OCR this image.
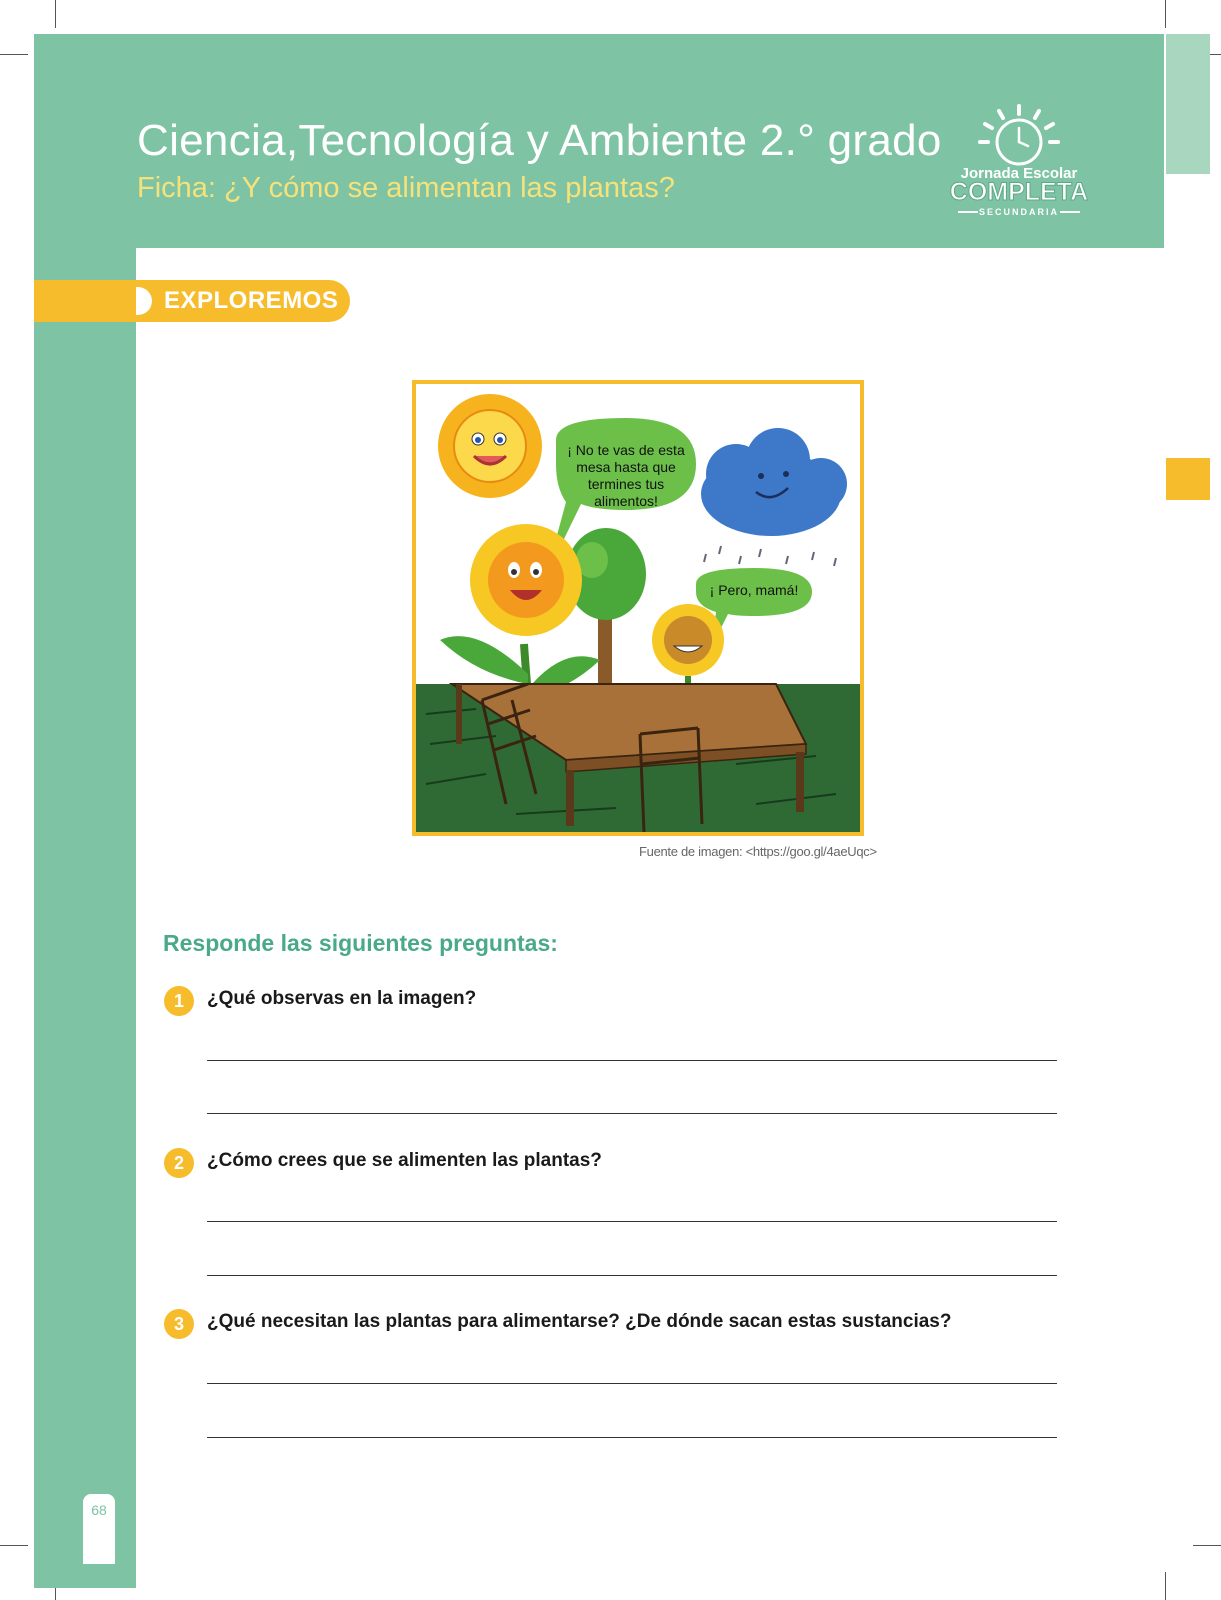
Ciencia,Tecnología y Ambiente 2.° grado
Ficha: ¿Y cómo se alimentan las plantas?	Jornada Escolar
COMPLETA
SECUNDARIA
EXPLOREMOS
¡ No te vas de esta mesa hasta que termines tus alimentos!
¡ Pero, mamá!
Fuente de imagen: <https://goo.gl/4aeUqc>
Responde las siguientes preguntas:
1	¿Qué observas en la imagen?
2	¿Cómo crees que se alimenten las plantas?
3	¿Qué necesitan las plantas para alimentarse? ¿De dónde sacan estas sustancias?
68
